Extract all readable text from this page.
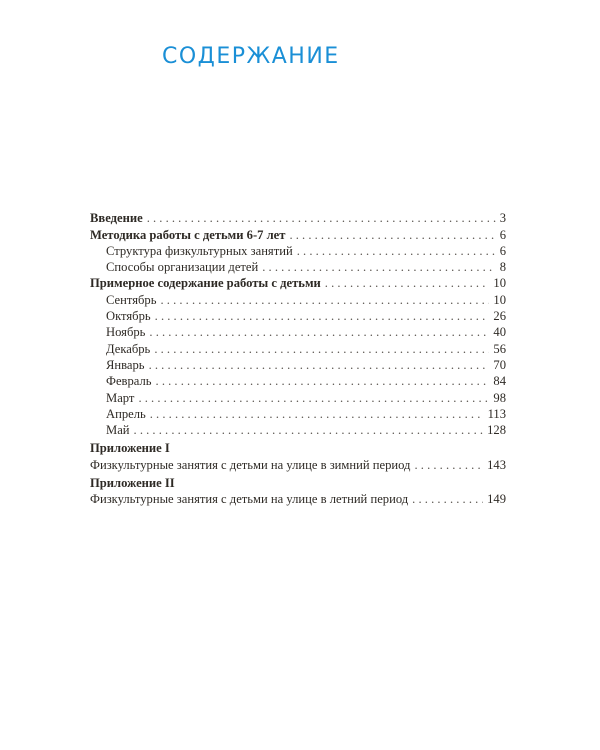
СОДЕРЖАНИЕ
Введение . . .	3
Методика работы с детьми 6-7 лет . . .	6
Структура физкультурных занятий . . .	6
Способы организации детей . . .	8
Примерное содержание работы с детьми . . .	10
Сентябрь . . .	10
Октябрь . . .	26
Ноябрь . . .	40
Декабрь . . .	56
Январь . . .	70
Февраль . . .	84
Март . . .	98
Апрель . . .	113
Май . . .	128
Приложение I
Физкультурные занятия с детьми на улице в зимний период . . .	143
Приложение II
Физкультурные занятия с детьми на улице в летний период . . .	149
